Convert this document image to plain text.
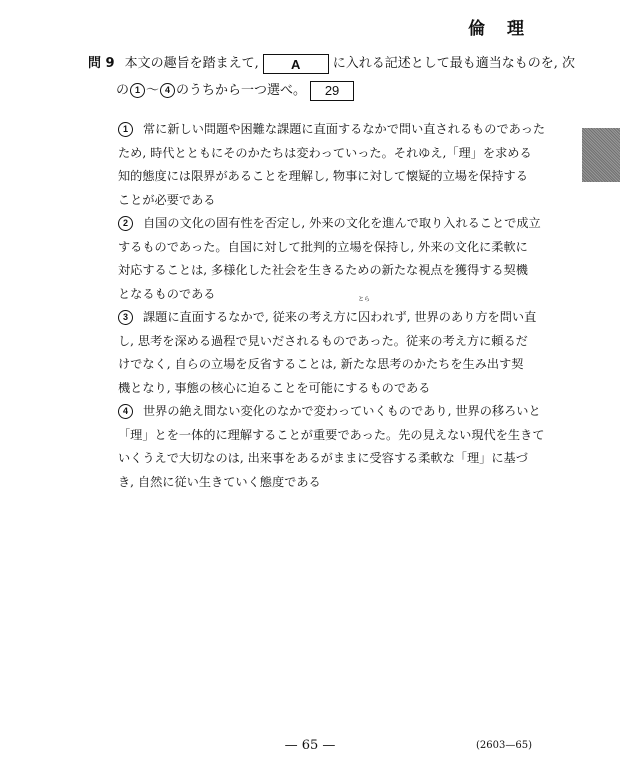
倫 理
問 9 本文の趣旨を踏まえて, A に入れる記述として最も適当なものを, 次
の 1 〜 4 のうちから一つ選べ。 29
1 常に新しい問題や困難な課題に直面するなかで問い直されるものであった
ため, 時代とともにそのかたちは変わっていった。それゆえ,「理」を求める
知的態度には限界があることを理解し, 物事に対して懐疑的立場を保持する
ことが必要である
2 自国の文化の固有性を否定し, 外来の文化を進んで取り入れることで成立
するものであった。自国に対して批判的立場を保持し, 外来の文化に柔軟に
対応することは, 多様化した社会を生きるための新たな視点を獲得する契機
となるものである
3 課題に直面するなかで, 従来の考え方に
とら
囚われず, 世界のあり方を問い直
し, 思考を深める過程で見いだされるものであった。従来の考え方に頼るだ
けでなく, 自らの立場を反省することは, 新たな思考のかたちを生み出す契
機となり, 事態の核心に迫ることを可能にするものである
4 世界の絶え間ない変化のなかで変わっていくものであり, 世界の移ろいと
「理」とを一体的に理解することが重要であった。先の見えない現代を生きて
いくうえで大切なのは, 出来事をあるがままに受容する柔軟な「理」に基づ
き, 自然に従い生きていく態度である
— 65 —	(2603—65)
